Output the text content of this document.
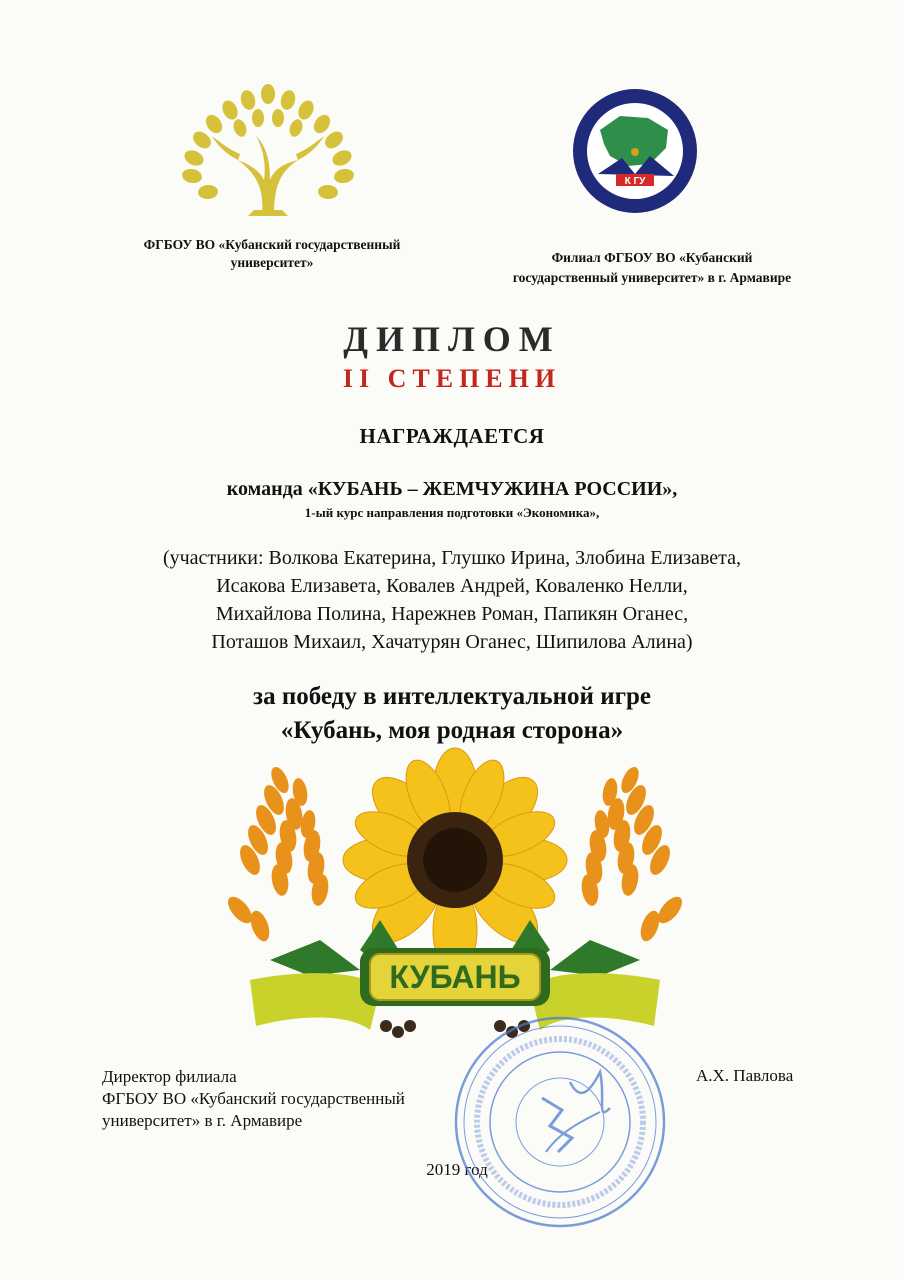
К ГУ
ФГБОУ ВО «Кубанский государственный
университет»	Филиал ФГБОУ ВО «Кубанский
государственный университет» в г. Армавире
ДИПЛОМ
II СТЕПЕНИ
НАГРАЖДАЕТСЯ
команда «КУБАНЬ – ЖЕМЧУЖИНА РОССИИ»,
1-ый курс направления подготовки «Экономика»,
(участники: Волкова Екатерина, Глушко Ирина, Злобина Елизавета,
Исакова Елизавета, Ковалев Андрей, Коваленко Нелли,
Михайлова Полина, Нарежнев Роман, Папикян Оганес,
Поташов Михаил, Хачатурян Оганес, Шипилова Алина)
за победу в интеллектуальной игре
«Кубань, моя родная сторона»
КУБАНЬ
Директор филиала
ФГБОУ ВО «Кубанский государственный
университет» в г. Армавире
А.Х. Павлова
2019 год
